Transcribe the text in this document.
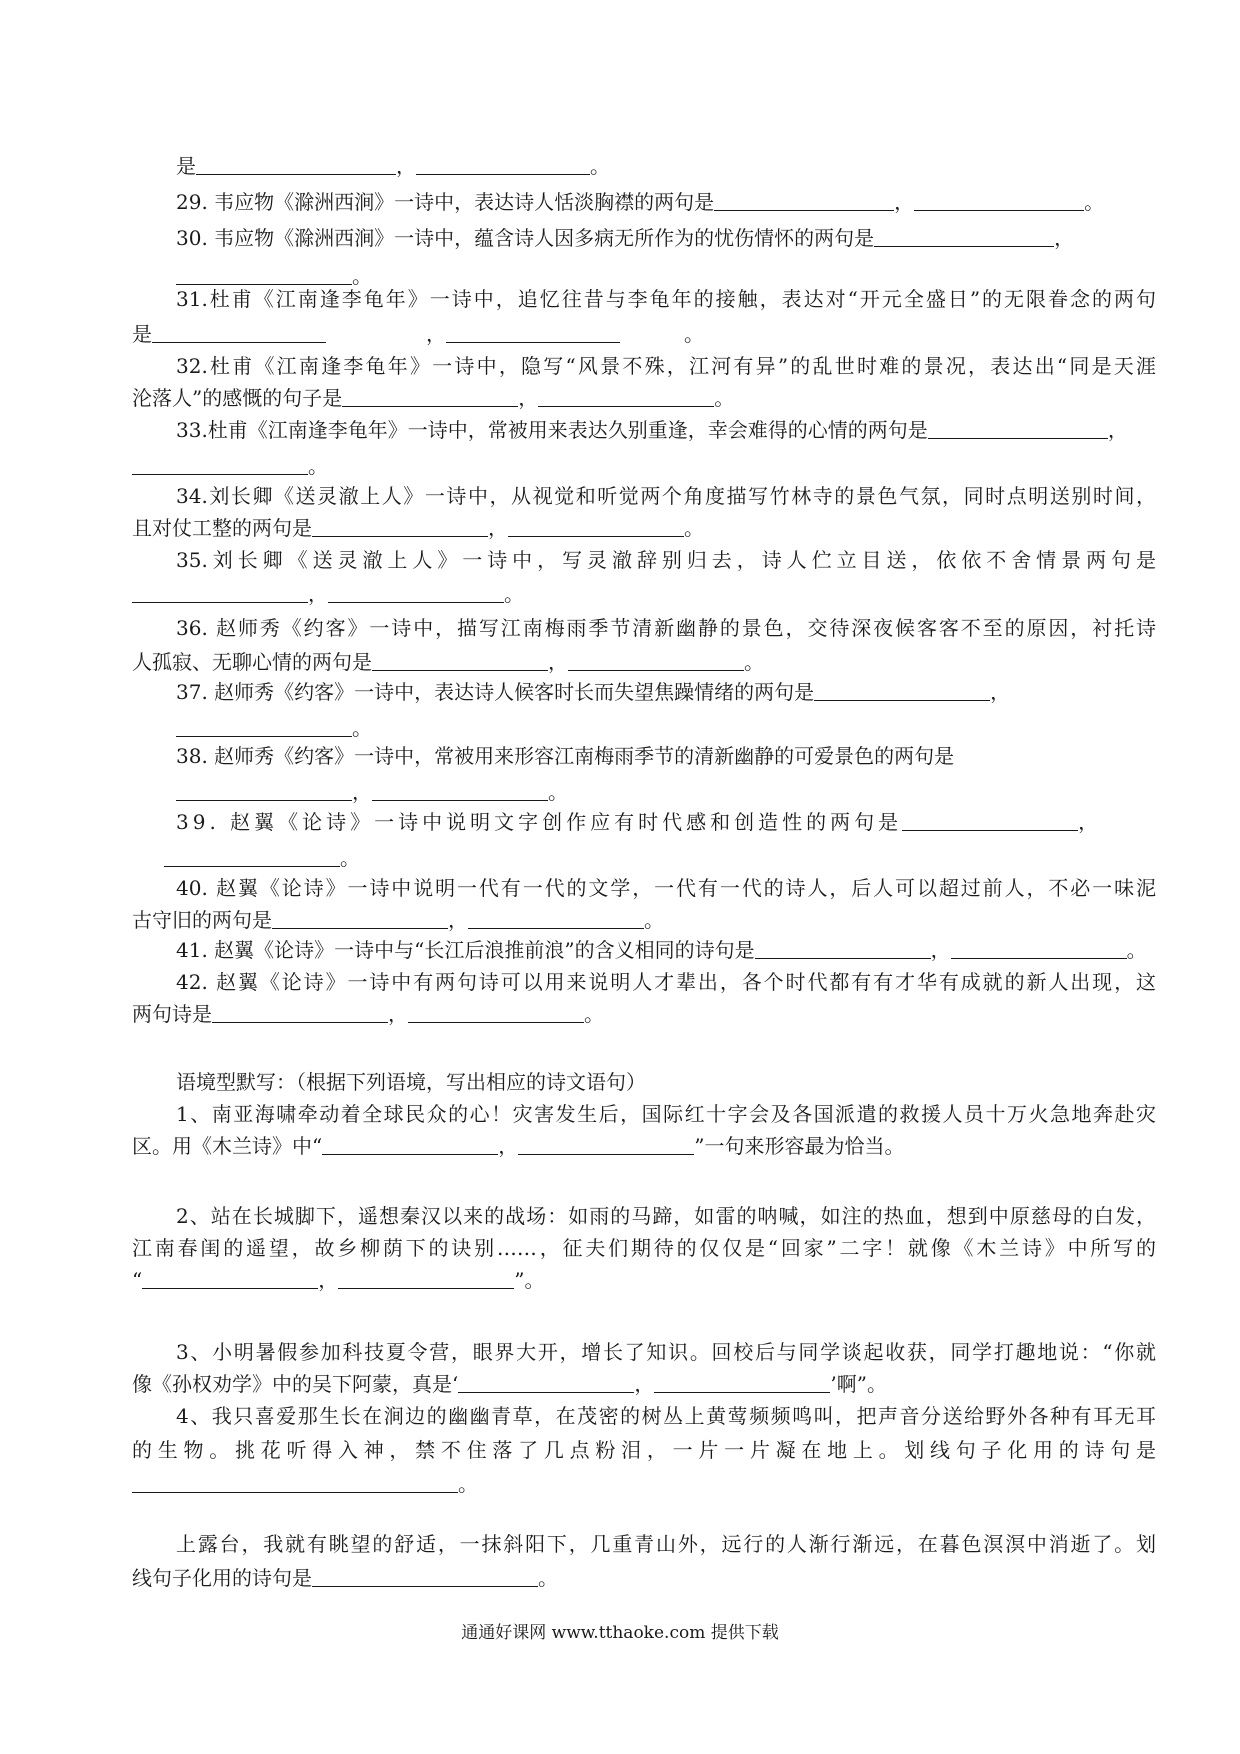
是	，	。
29. 韦应物《滁洲西涧》一诗中，表达诗人恬淡胸襟的两句是	，	。
30. 韦应物《滁洲西涧》一诗中，蕴含诗人因多病无所作为的忧伤情怀的两句是	，
。
31.杜甫《江南逢李龟年》一诗中，追忆往昔与李龟年的接触，表达对“开元全盛日”的无限眷念的两句
是	，	。
32.杜甫《江南逢李龟年》一诗中，隐写“风景不殊，江河有异”的乱世时难的景况，表达出“同是天涯
沦落人”的感慨的句子是	，	。
33.杜甫《江南逢李龟年》一诗中，常被用来表达久别重逢，幸会难得的心情的两句是	，
。
34.刘长卿《送灵澈上人》一诗中，从视觉和听觉两个角度描写竹林寺的景色气氛，同时点明送别时间，
且对仗工整的两句是	，	。
35.刘长卿《送灵澈上人》一诗中，写灵澈辞别归去，诗人伫立目送，依依不舍情景两句是
，	。
36. 赵师秀《约客》一诗中，描写江南梅雨季节清新幽静的景色，交待深夜候客客不至的原因，衬托诗
人孤寂、无聊心情的两句是	，	。
37. 赵师秀《约客》一诗中，表达诗人候客时长而失望焦躁情绪的两句是	，
。
38. 赵师秀《约客》一诗中，常被用来形容江南梅雨季节的清新幽静的可爱景色的两句是
，	。
39. 赵翼《论诗》一诗中说明文字创作应有时代感和创造性的两句是	，
。
40. 赵翼《论诗》一诗中说明一代有一代的文学，一代有一代的诗人，后人可以超过前人，不必一味泥
古守旧的两句是	，	。
41. 赵翼《论诗》一诗中与“长江后浪推前浪”的含义相同的诗句是	，	。
42. 赵翼《论诗》一诗中有两句诗可以用来说明人才辈出，各个时代都有有才华有成就的新人出现，这
两句诗是	，	。
语境型默写：（根据下列语境，写出相应的诗文语句）
1、南亚海啸牵动着全球民众的心！灾害发生后，国际红十字会及各国派遣的救援人员十万火急地奔赴灾
区。用《木兰诗》中“	，	”一句来形容最为恰当。
2、站在长城脚下，遥想秦汉以来的战场：如雨的马蹄，如雷的呐喊，如注的热血，想到中原慈母的白发，
江南春闺的遥望，故乡柳荫下的诀别……，征夫们期待的仅仅是“回家”二字！就像《木兰诗》中所写的
“	，	”。
3、小明暑假参加科技夏令营，眼界大开，增长了知识。回校后与同学谈起收获，同学打趣地说：“你就
像《孙权劝学》中的吴下阿蒙，真是‘	，	’啊”。
4、我只喜爱那生长在涧边的幽幽青草，在茂密的树丛上黄莺频频鸣叫，把声音分送给野外各种有耳无耳
的生物。挑花听得入神，禁不住落了几点粉泪，一片一片凝在地上。划线句子化用的诗句是
。
上露台，我就有眺望的舒适，一抹斜阳下，几重青山外，远行的人渐行渐远，在暮色溟溟中消逝了。划
线句子化用的诗句是	。
通通好课网 www.tthaoke.com 提供下载
